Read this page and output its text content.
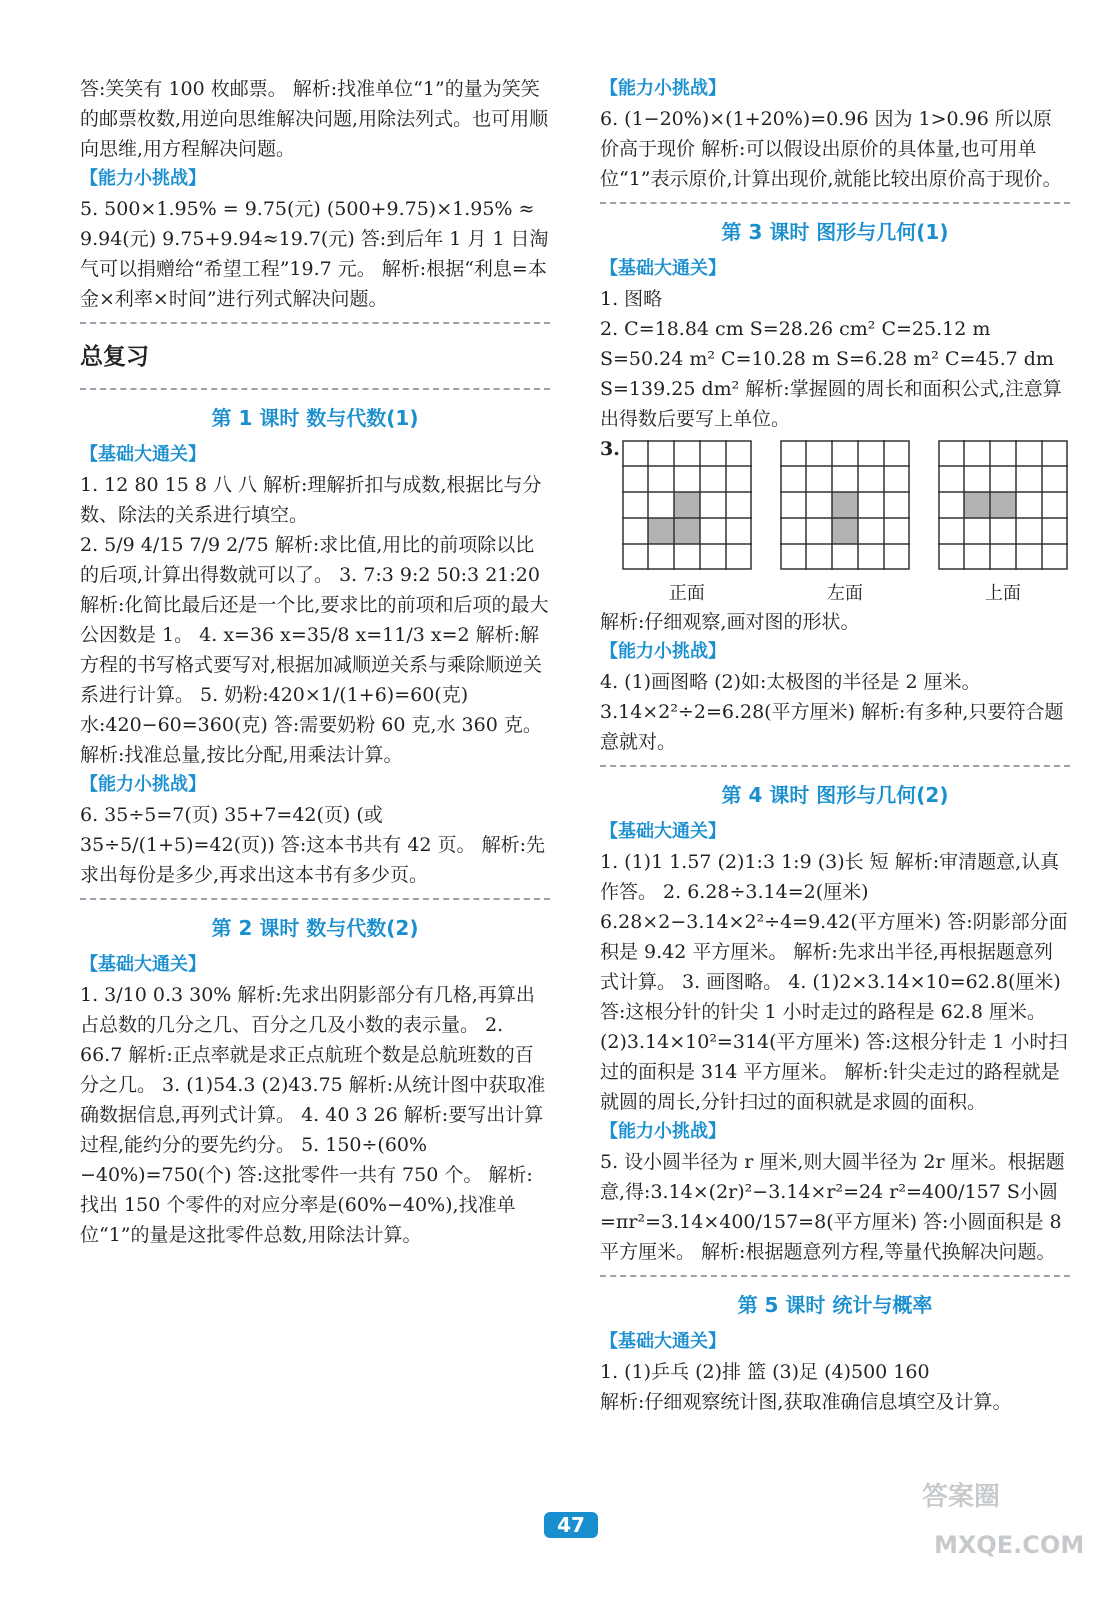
答:笑笑有 100 枚邮票。 解析:找准单位“1”的量为笑笑的邮票枚数,用逆向思维解决问题,用除法列式。也可用顺向思维,用方程解决问题。

【能力小挑战】

5. 500×1.95% = 9.75(元) (500+9.75)×1.95% ≈ 9.94(元) 9.75+9.94≈19.7(元) 答:到后年 1 月 1 日淘气可以捐赠给“希望工程”19.7 元。 解析:根据“利息=本金×利率×时间”进行列式解决问题。

总复习
第 1 课时 数与代数(1)
【基础大通关】

1. 12 80 15 8 八 八 解析:理解折扣与成数,根据比与分数、除法的关系进行填空。

2. 5/9 4/15 7/9 2/75 解析:求比值,用比的前项除以比的后项,计算出得数就可以了。 3. 7:3 9:2 50:3 21:20 解析:化简比最后还是一个比,要求比的前项和后项的最大公因数是 1。 4. x=36 x=35/8 x=11/3 x=2 解析:解方程的书写格式要写对,根据加减顺逆关系与乘除顺逆关系进行计算。 5. 奶粉:420×1/(1+6)=60(克) 水:420−60=360(克) 答:需要奶粉 60 克,水 360 克。 解析:找准总量,按比分配,用乘法计算。

【能力小挑战】

6. 35÷5=7(页) 35+7=42(页) (或 35÷5/(1+5)=42(页)) 答:这本书共有 42 页。 解析:先求出每份是多少,再求出这本书有多少页。

第 2 课时 数与代数(2)
【基础大通关】

1. 3/10 0.3 30% 解析:先求出阴影部分有几格,再算出占总数的几分之几、百分之几及小数的表示量。 2. 66.7 解析:正点率就是求正点航班个数是总航班数的百分之几。 3. (1)54.3 (2)43.75 解析:从统计图中获取准确数据信息,再列式计算。 4. 40 3 26 解析:要写出计算过程,能约分的要先约分。 5. 150÷(60%−40%)=750(个) 答:这批零件一共有 750 个。 解析:找出 150 个零件的对应分率是(60%−40%),找准单位“1”的量是这批零件总数,用除法计算。

【能力小挑战】

6. (1−20%)×(1+20%)=0.96 因为 1>0.96 所以原价高于现价 解析:可以假设出原价的具体量,也可用单位“1”表示原价,计算出现价,就能比较出原价高于现价。

第 3 课时 图形与几何(1)
【基础大通关】

1. 图略

2. C=18.84 cm S=28.26 cm² C=25.12 m S=50.24 m² C=10.28 m S=6.28 m² C=45.7 dm S=139.25 dm² 解析:掌握圆的周长和面积公式,注意算出得数后要写上单位。

3.
正面	左面	上面

解析:仔细观察,画对图的形状。

【能力小挑战】

4. (1)画图略 (2)如:太极图的半径是 2 厘米。3.14×2²÷2=6.28(平方厘米) 解析:有多种,只要符合题意就对。

第 4 课时 图形与几何(2)
【基础大通关】

1. (1)1 1.57 (2)1:3 1:9 (3)长 短 解析:审清题意,认真作答。 2. 6.28÷3.14=2(厘米) 6.28×2−3.14×2²÷4=9.42(平方厘米) 答:阴影部分面积是 9.42 平方厘米。 解析:先求出半径,再根据题意列式计算。 3. 画图略。 4. (1)2×3.14×10=62.8(厘米) 答:这根分针的针尖 1 小时走过的路程是 62.8 厘米。 (2)3.14×10²=314(平方厘米) 答:这根分针走 1 小时扫过的面积是 314 平方厘米。 解析:针尖走过的路程就是就圆的周长,分针扫过的面积就是求圆的面积。

【能力小挑战】

5. 设小圆半径为 r 厘米,则大圆半径为 2r 厘米。根据题意,得:3.14×(2r)²−3.14×r²=24 r²=400/157 S小圆=πr²=3.14×400/157=8(平方厘米) 答:小圆面积是 8 平方厘米。 解析:根据题意列方程,等量代换解决问题。

第 5 课时 统计与概率
【基础大通关】

1. (1)乒乓 (2)排 篮 (3)足 (4)500 160

解析:仔细观察统计图,获取准确信息填空及计算。

47
答案圈
MXQE.COM
